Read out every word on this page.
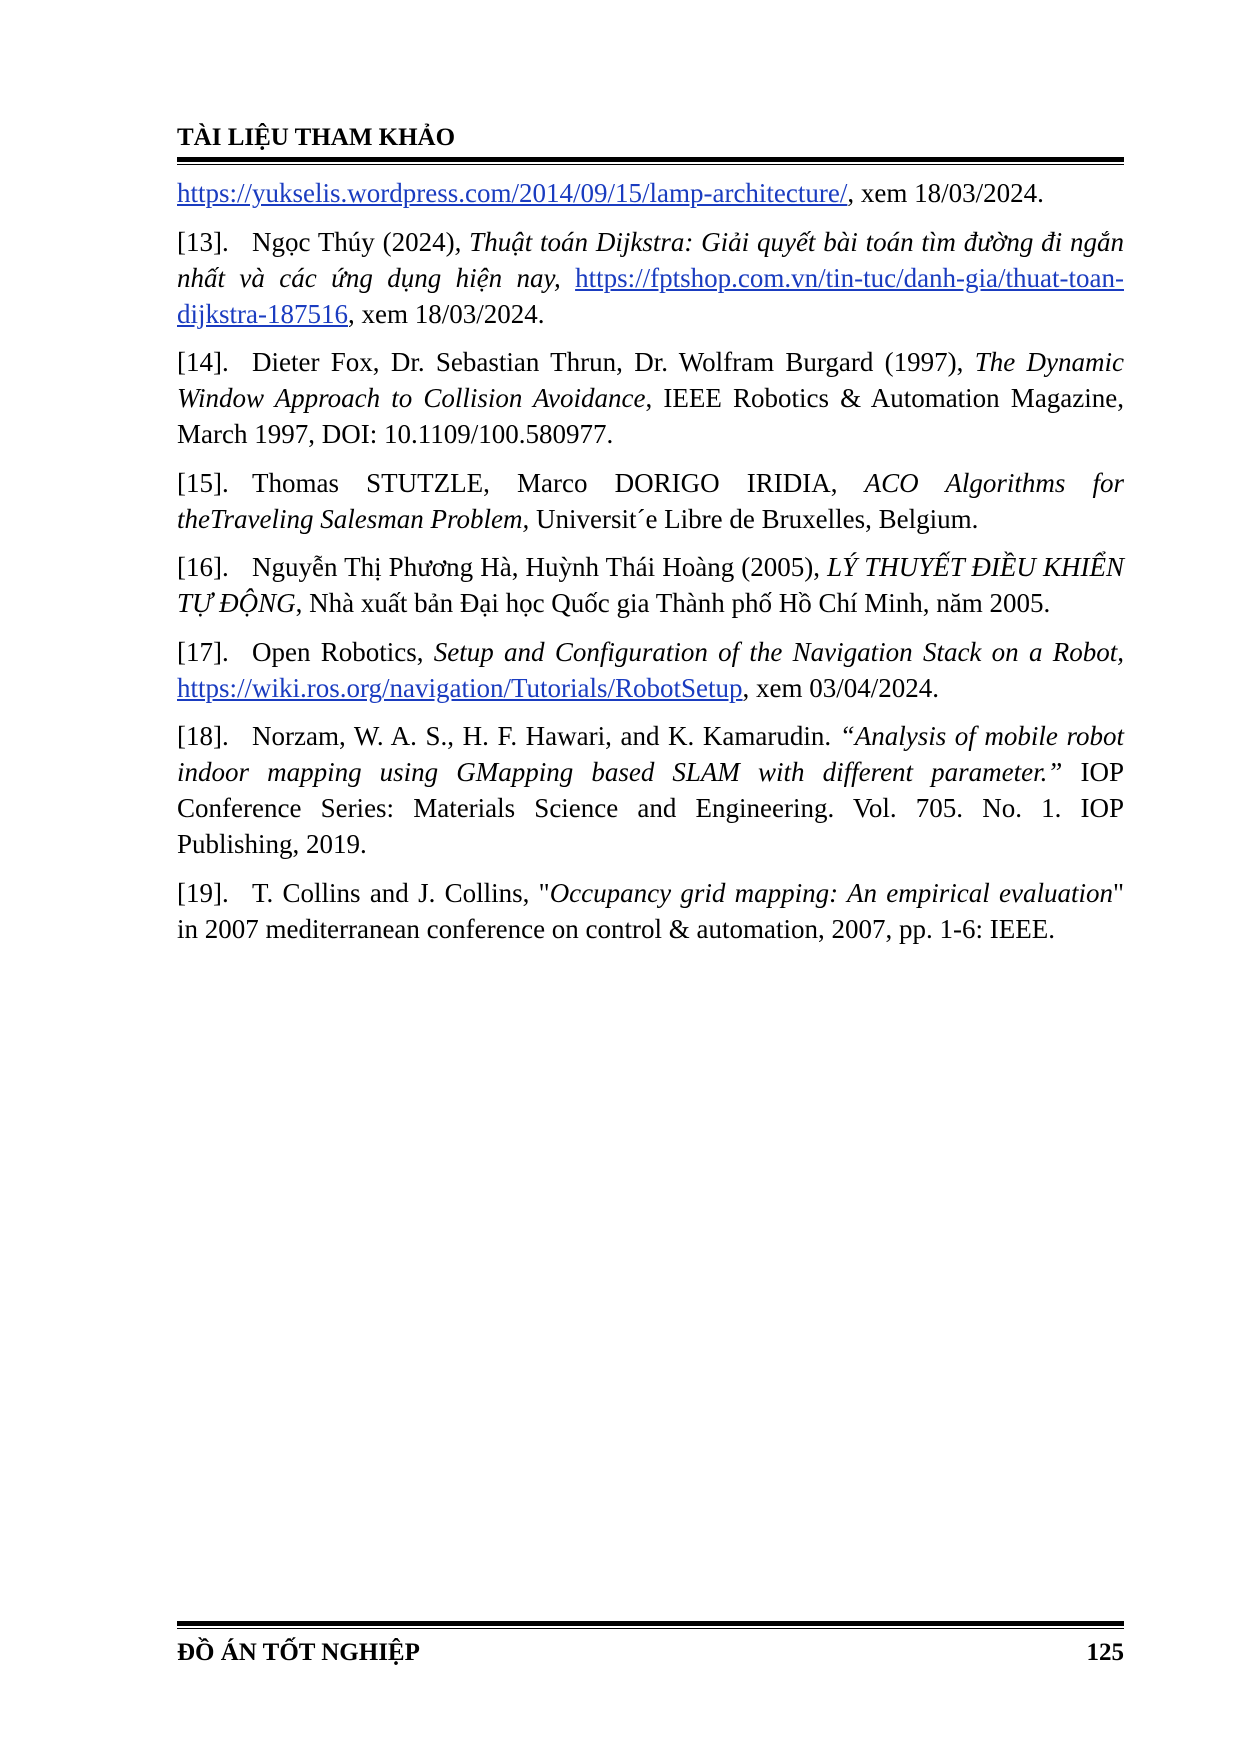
TÀI LIỆU THAM KHẢO
https://yukselis.wordpress.com/2014/09/15/lamp-architecture/, xem 18/03/2024.
[13]. Ngọc Thúy (2024), Thuật toán Dijkstra: Giải quyết bài toán tìm đường đi ngắn nhất và các ứng dụng hiện nay, https://fptshop.com.vn/tin-tuc/danh-gia/thuat-toan-dijkstra-187516, xem 18/03/2024.
[14]. Dieter Fox, Dr. Sebastian Thrun, Dr. Wolfram Burgard (1997), The Dynamic Window Approach to Collision Avoidance, IEEE Robotics & Automation Magazine, March 1997, DOI: 10.1109/100.580977.
[15]. Thomas STUTZLE, Marco DORIGO IRIDIA, ACO Algorithms for theTraveling Salesman Problem, Universit´e Libre de Bruxelles, Belgium.
[16]. Nguyễn Thị Phương Hà, Huỳnh Thái Hoàng (2005), LÝ THUYẾT ĐIỀU KHIỂN TỰ ĐỘNG, Nhà xuất bản Đại học Quốc gia Thành phố Hồ Chí Minh, năm 2005.
[17]. Open Robotics, Setup and Configuration of the Navigation Stack on a Robot, https://wiki.ros.org/navigation/Tutorials/RobotSetup, xem 03/04/2024.
[18]. Norzam, W. A. S., H. F. Hawari, and K. Kamarudin. “Analysis of mobile robot indoor mapping using GMapping based SLAM with different parameter.” IOP Conference Series: Materials Science and Engineering. Vol. 705. No. 1. IOP Publishing, 2019.
[19]. T. Collins and J. Collins, "Occupancy grid mapping: An empirical evaluation" in 2007 mediterranean conference on control & automation, 2007, pp. 1-6: IEEE.
ĐỒ ÁN TỐT NGHIỆP	125
